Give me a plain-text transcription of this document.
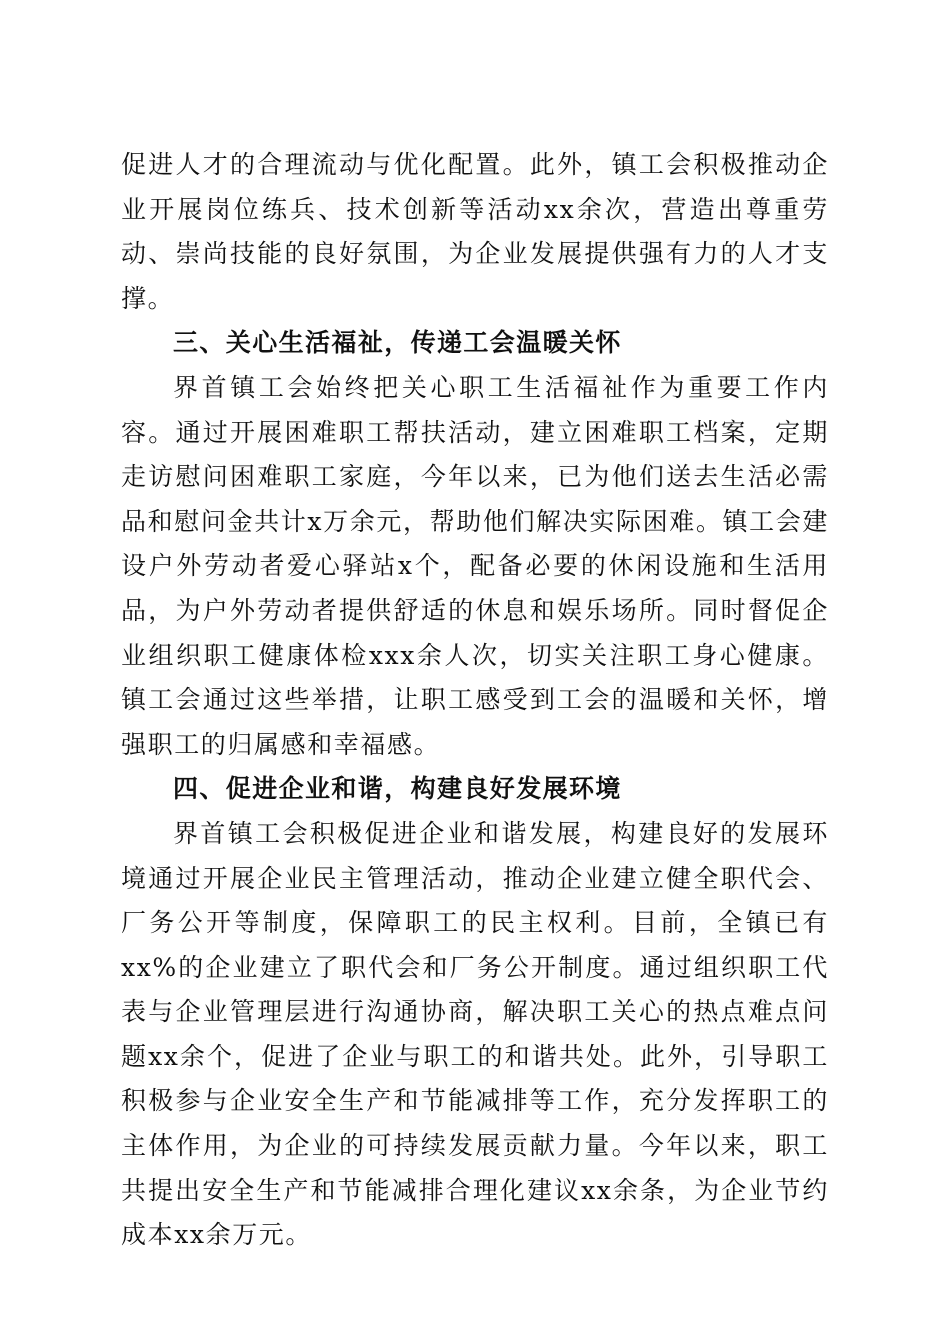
促进人才的合理流动与优化配置。此外，镇工会积极推动企业开展岗位练兵、技术创新等活动xx余次，营造出尊重劳动、崇尚技能的良好氛围，为企业发展提供强有力的人才支撑。

三、关心生活福祉，传递工会温暖关怀

界首镇工会始终把关心职工生活福祉作为重要工作内容。通过开展困难职工帮扶活动，建立困难职工档案，定期走访慰问困难职工家庭，今年以来，已为他们送去生活必需品和慰问金共计x万余元，帮助他们解决实际困难。镇工会建设户外劳动者爱心驿站x个，配备必要的休闲设施和生活用品，为户外劳动者提供舒适的休息和娱乐场所。同时督促企业组织职工健康体检xxx余人次，切实关注职工身心健康。镇工会通过这些举措，让职工感受到工会的温暖和关怀，增强职工的归属感和幸福感。

四、促进企业和谐，构建良好发展环境

界首镇工会积极促进企业和谐发展，构建良好的发展环境通过开展企业民主管理活动，推动企业建立健全职代会、厂务公开等制度，保障职工的民主权利。目前，全镇已有xx%的企业建立了职代会和厂务公开制度。通过组织职工代表与企业管理层进行沟通协商，解决职工关心的热点难点问题xx余个，促进了企业与职工的和谐共处。此外，引导职工积极参与企业安全生产和节能减排等工作，充分发挥职工的主体作用，为企业的可持续发展贡献力量。今年以来，职工共提出安全生产和节能减排合理化建议xx余条，为企业节约成本xx余万元。
